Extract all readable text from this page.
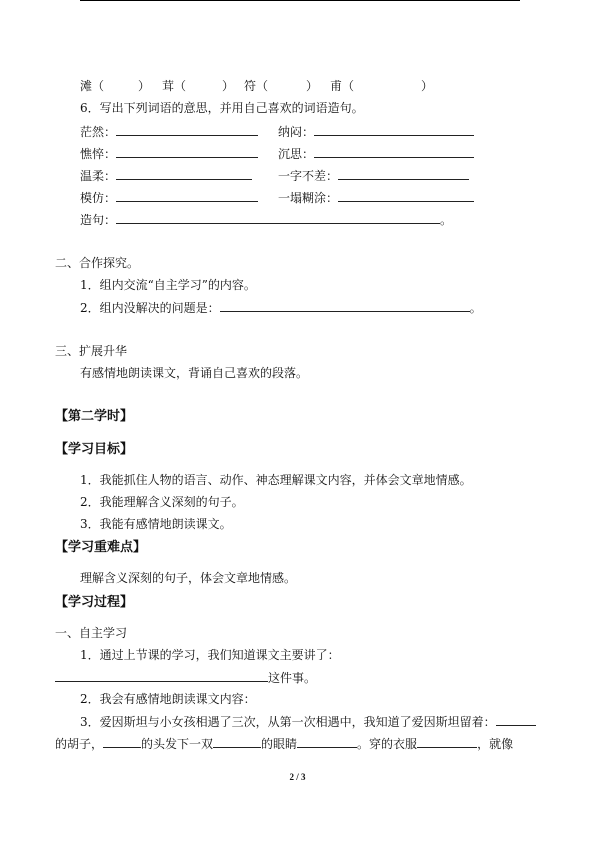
滩（	） 茸（	） 符（	） 甫（	）
6．写出下列词语的意思，并用自己喜欢的词语造句。
茫然：	纳闷：
憔悴：	沉思：
温柔：	一字不差：
模仿：	一塌糊涂：
造句：	。
二、合作探究。
1．组内交流“自主学习”的内容。
2．组内没解决的问题是：	。
三、扩展升华
有感情地朗读课文，背诵自己喜欢的段落。
【第二学时】
【学习目标】
1．我能抓住人物的语言、动作、神态理解课文内容，并体会文章地情感。
2．我能理解含义深刻的句子。
3．我能有感情地朗读课文。
【学习重难点】
理解含义深刻的句子，体会文章地情感。
【学习过程】
一、自主学习
1．通过上节课的学习，我们知道课文主要讲了：
这件事。
2．我会有感情地朗读课文内容：
3．爱因斯坦与小女孩相遇了三次，从第一次相遇中，我知道了爱因斯坦留着：
的胡子，	的头发下一双	的眼睛	。穿的衣服	，就像
2 / 3
